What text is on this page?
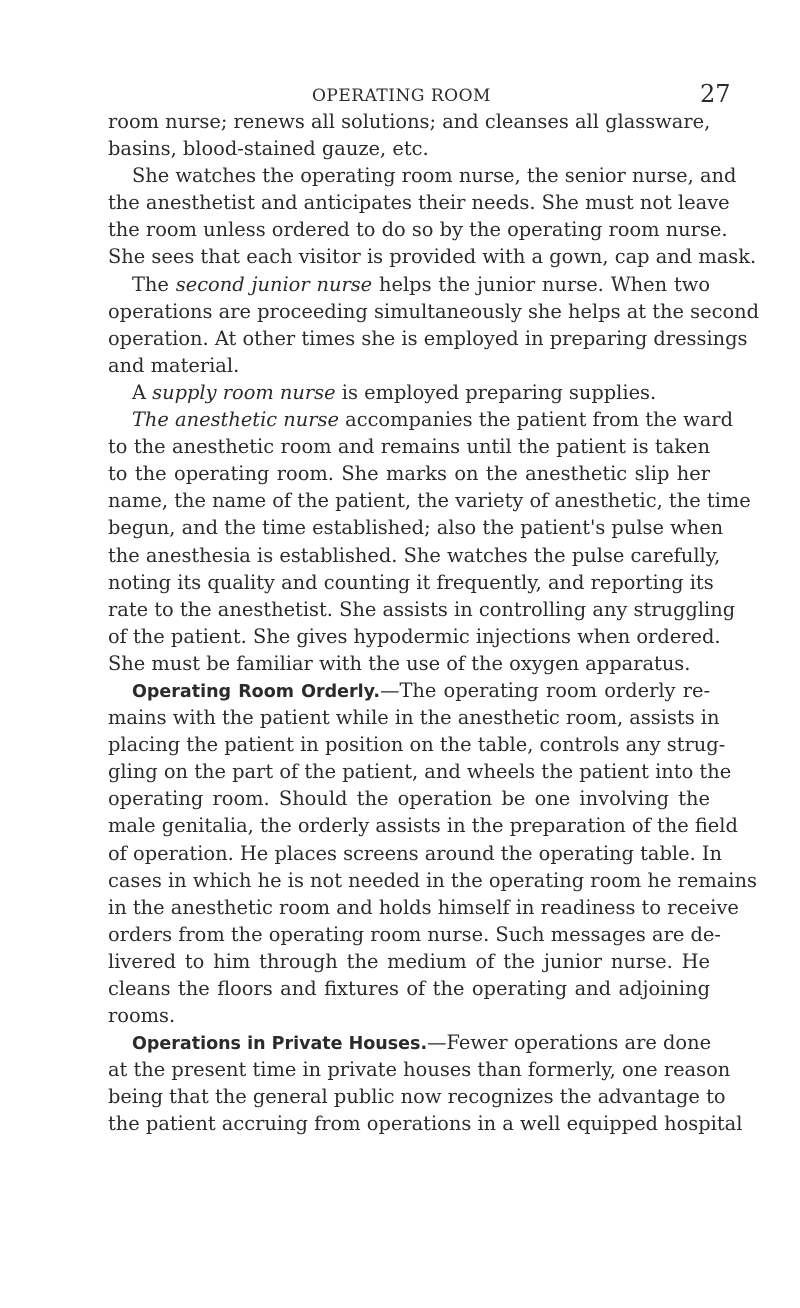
OPERATING ROOM	27
room nurse; renews all solutions; and cleanses all glassware,
basins, blood-stained gauze, etc.
She watches the operating room nurse, the senior nurse, and
the anesthetist and anticipates their needs. She must not leave
the room unless ordered to do so by the operating room nurse.
She sees that each visitor is provided with a gown, cap and mask.
The second junior nurse helps the junior nurse. When two
operations are proceeding simultaneously she helps at the second
operation. At other times she is employed in preparing dressings
and material.
A supply room nurse is employed preparing supplies.
The anesthetic nurse accompanies the patient from the ward
to the anesthetic room and remains until the patient is taken
to the operating room. She marks on the anesthetic slip her
name, the name of the patient, the variety of anesthetic, the time
begun, and the time established; also the patient's pulse when
the anesthesia is established. She watches the pulse carefully,
noting its quality and counting it frequently, and reporting its
rate to the anesthetist. She assists in controlling any struggling
of the patient. She gives hypodermic injections when ordered.
She must be familiar with the use of the oxygen apparatus.
Operating Room Orderly.—The operating room orderly re-
mains with the patient while in the anesthetic room, assists in
placing the patient in position on the table, controls any strug-
gling on the part of the patient, and wheels the patient into the
operating room. Should the operation be one involving the
male genitalia, the orderly assists in the preparation of the field
of operation. He places screens around the operating table. In
cases in which he is not needed in the operating room he remains
in the anesthetic room and holds himself in readiness to receive
orders from the operating room nurse. Such messages are de-
livered to him through the medium of the junior nurse. He
cleans the floors and fixtures of the operating and adjoining
rooms.
Operations in Private Houses.—Fewer operations are done
at the present time in private houses than formerly, one reason
being that the general public now recognizes the advantage to
the patient accruing from operations in a well equipped hospital
